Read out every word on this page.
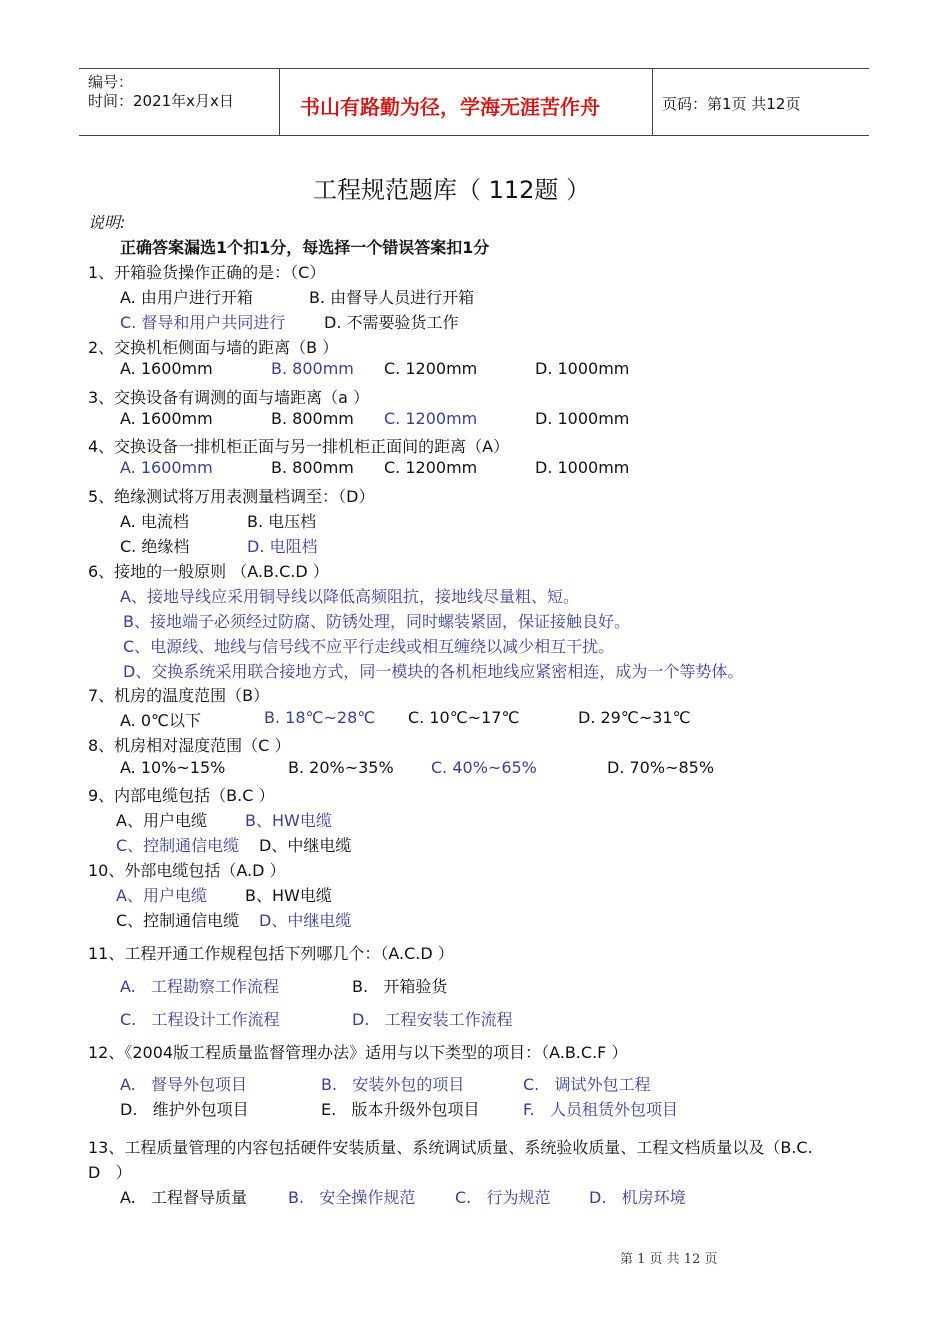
编号：
时间：2021年x月x日	书山有路勤为径，学海无涯苦作舟	页码：第1页 共12页
工程规范题库（ 112题 ）
说明:
正确答案漏选1个扣1分，每选择一个错误答案扣1分
1、开箱验货操作正确的是：（C）
A. 由用户进行开箱	B. 由督导人员进行开箱
C. 督导和用户共同进行 D. 不需要验货工作
2、交换机柜侧面与墙的距离（B ）
A. 1600mm	B. 800mm C. 1200mm	D. 1000mm
3、交换设备有调测的面与墙距离（a ）
A. 1600mm	B. 800mm C. 1200mm	D. 1000mm
4、交换设备一排机柜正面与另一排机柜正面间的距离（A）
A. 1600mm	B. 800mm C. 1200mm	D. 1000mm
5、绝缘测试将万用表测量档调至：（D）
A. 电流档	B. 电压档
C. 绝缘档	D. 电阻档
6、接地的一般原则 （A.B.C.D ）
A、接地导线应采用铜导线以降低高频阻抗，接地线尽量粗、短。
B、接地端子必须经过防腐、防锈处理，同时螺装紧固，保证接触良好。
C、电源线、地线与信号线不应平行走线或相互缠绕以减少相互干扰。
D、交换系统采用联合接地方式，同一模块的各机柜地线应紧密相连，成为一个等势体。
7、机房的温度范围（B）
A. 0℃以下	B. 18℃~28℃ C. 10℃~17℃	D. 29℃~31℃
8、机房相对湿度范围（C ）
A. 10%~15%	B. 20%~35% C. 40%~65%	D. 70%~85%
9、内部电缆包括（B.C ）
A、用户电缆 B、HW电缆
C、控制通信电缆 D、中继电缆
10、外部电缆包括（A.D ）
A、用户电缆 B、HW电缆
C、控制通信电缆 D、中继电缆
11、工程开通工作规程包括下列哪几个：（A.C.D ）
A.   工程勘察工作流程	B.   开箱验货
C.   工程设计工作流程	D.   工程安装工作流程
12、《2004版工程质量监督管理办法》适用与以下类型的项目：（A.B.C.F ）
A.   督导外包项目	B.   安装外包的项目	C.   调试外包工程
D.   维护外包项目	E.   版本升级外包项目	F.   人员租赁外包项目
13、工程质量管理的内容包括硬件安装质量、系统调试质量、系统验收质量、工程文档质量以及（B.C.
D   ）
A.   工程督导质量	B.   安全操作规范 C.   行为规范 D.   机房环境
第 1 页 共 12 页
